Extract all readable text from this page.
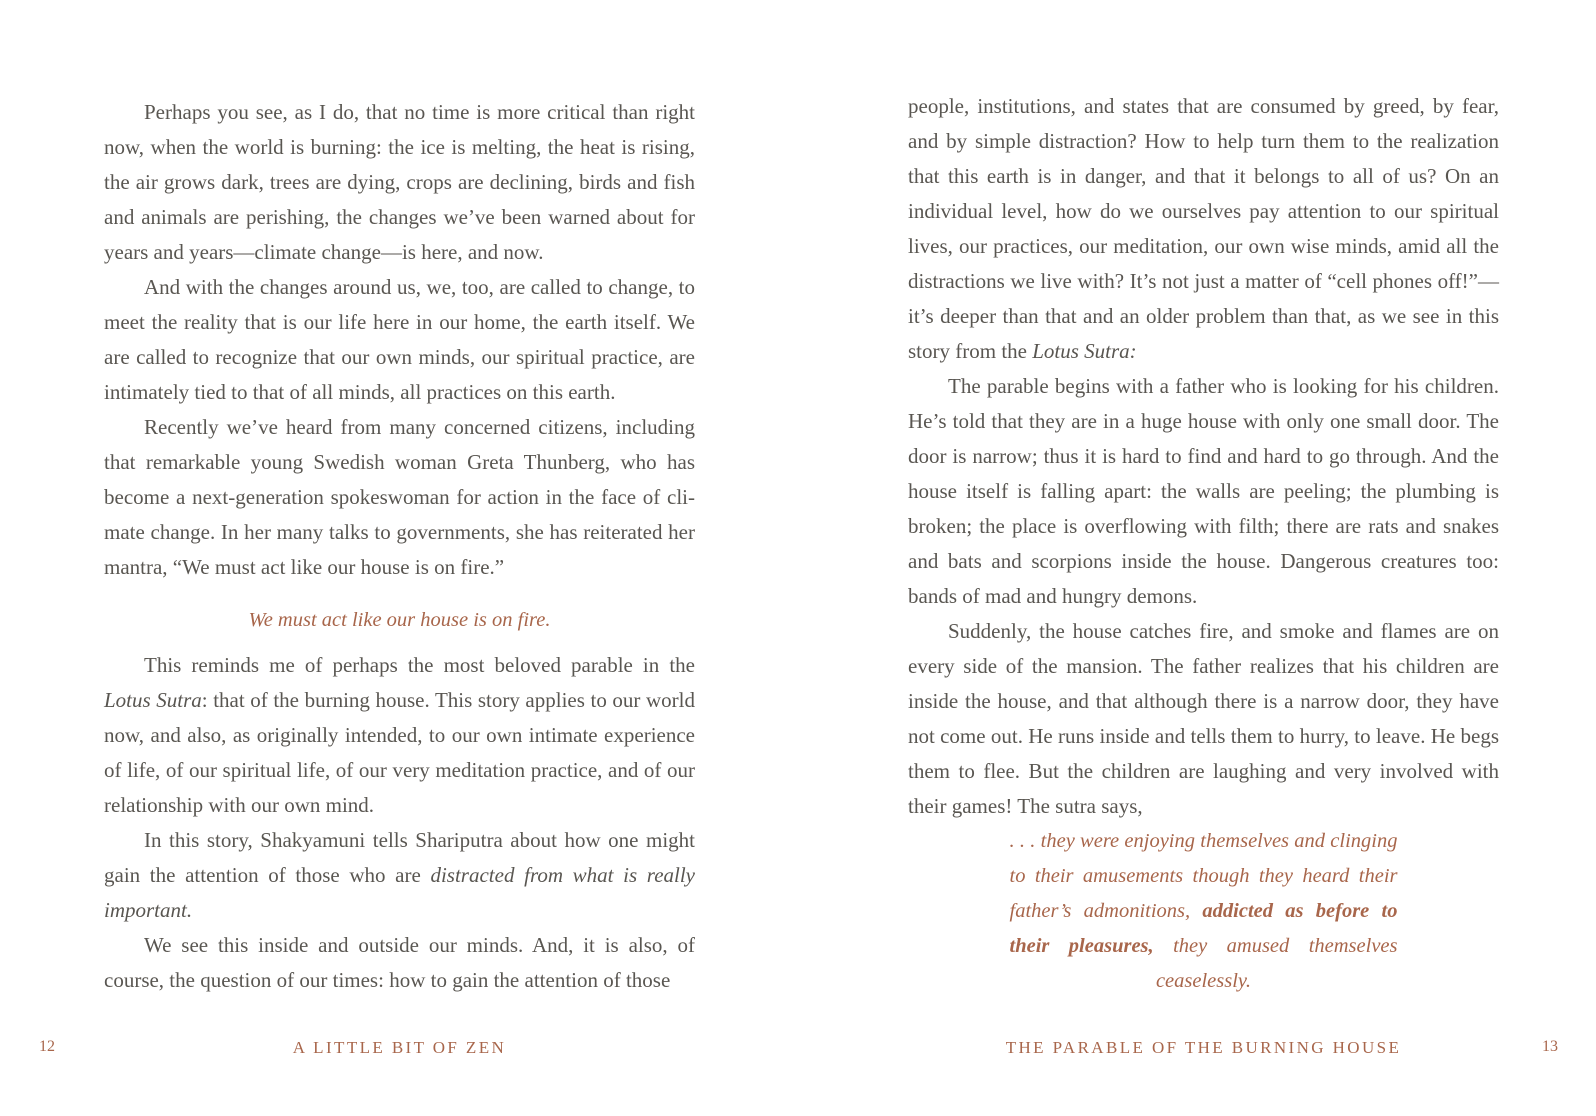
Perhaps you see, as I do, that no time is more critical than right now, when the world is burning: the ice is melting, the heat is rising, the air grows dark, trees are dying, crops are declining, birds and fish and animals are perishing, the changes we’ve been warned about for years and years—climate change—is here, and now.

And with the changes around us, we, too, are called to change, to meet the reality that is our life here in our home, the earth itself. We are called to recognize that our own minds, our spiritual practice, are intimately tied to that of all minds, all practices on this earth.

Recently we’ve heard from many concerned citizens, including that remarkable young Swedish woman Greta Thunberg, who has become a next-generation spokeswoman for action in the face of climate change. In her many talks to governments, she has reiterated her mantra, “We must act like our house is on fire.”

We must act like our house is on fire.

This reminds me of perhaps the most beloved parable in the Lotus Sutra: that of the burning house. This story applies to our world now, and also, as originally intended, to our own intimate experience of life, of our spiritual life, of our very meditation practice, and of our relationship with our own mind.

In this story, Shakyamuni tells Shariputra about how one might gain the attention of those who are distracted from what is really important.

We see this inside and outside our minds. And, it is also, of course, the question of our times: how to gain the attention of those

12	A LITTLE BIT OF ZEN

people, institutions, and states that are consumed by greed, by fear, and by simple distraction? How to help turn them to the realization that this earth is in danger, and that it belongs to all of us? On an individual level, how do we ourselves pay attention to our spiritual lives, our practices, our meditation, our own wise minds, amid all the distractions we live with? It’s not just a matter of “cell phones off!”—it’s deeper than that and an older problem than that, as we see in this story from the Lotus Sutra:

The parable begins with a father who is looking for his children. He’s told that they are in a huge house with only one small door. The door is narrow; thus it is hard to find and hard to go through. And the house itself is falling apart: the walls are peeling; the plumbing is broken; the place is overflowing with filth; there are rats and snakes and bats and scorpions inside the house. Dangerous creatures too: bands of mad and hungry demons.

Suddenly, the house catches fire, and smoke and flames are on every side of the mansion. The father realizes that his children are inside the house, and that although there is a narrow door, they have not come out. He runs inside and tells them to hurry, to leave. He begs them to flee. But the children are laughing and very involved with their games! The sutra says,

. . . they were enjoying themselves and clinging to their amusements though they heard their father’s admonitions, addicted as before to their pleasures, they amused themselves ceaselessly.
THE PARABLE OF THE BURNING HOUSE	13
